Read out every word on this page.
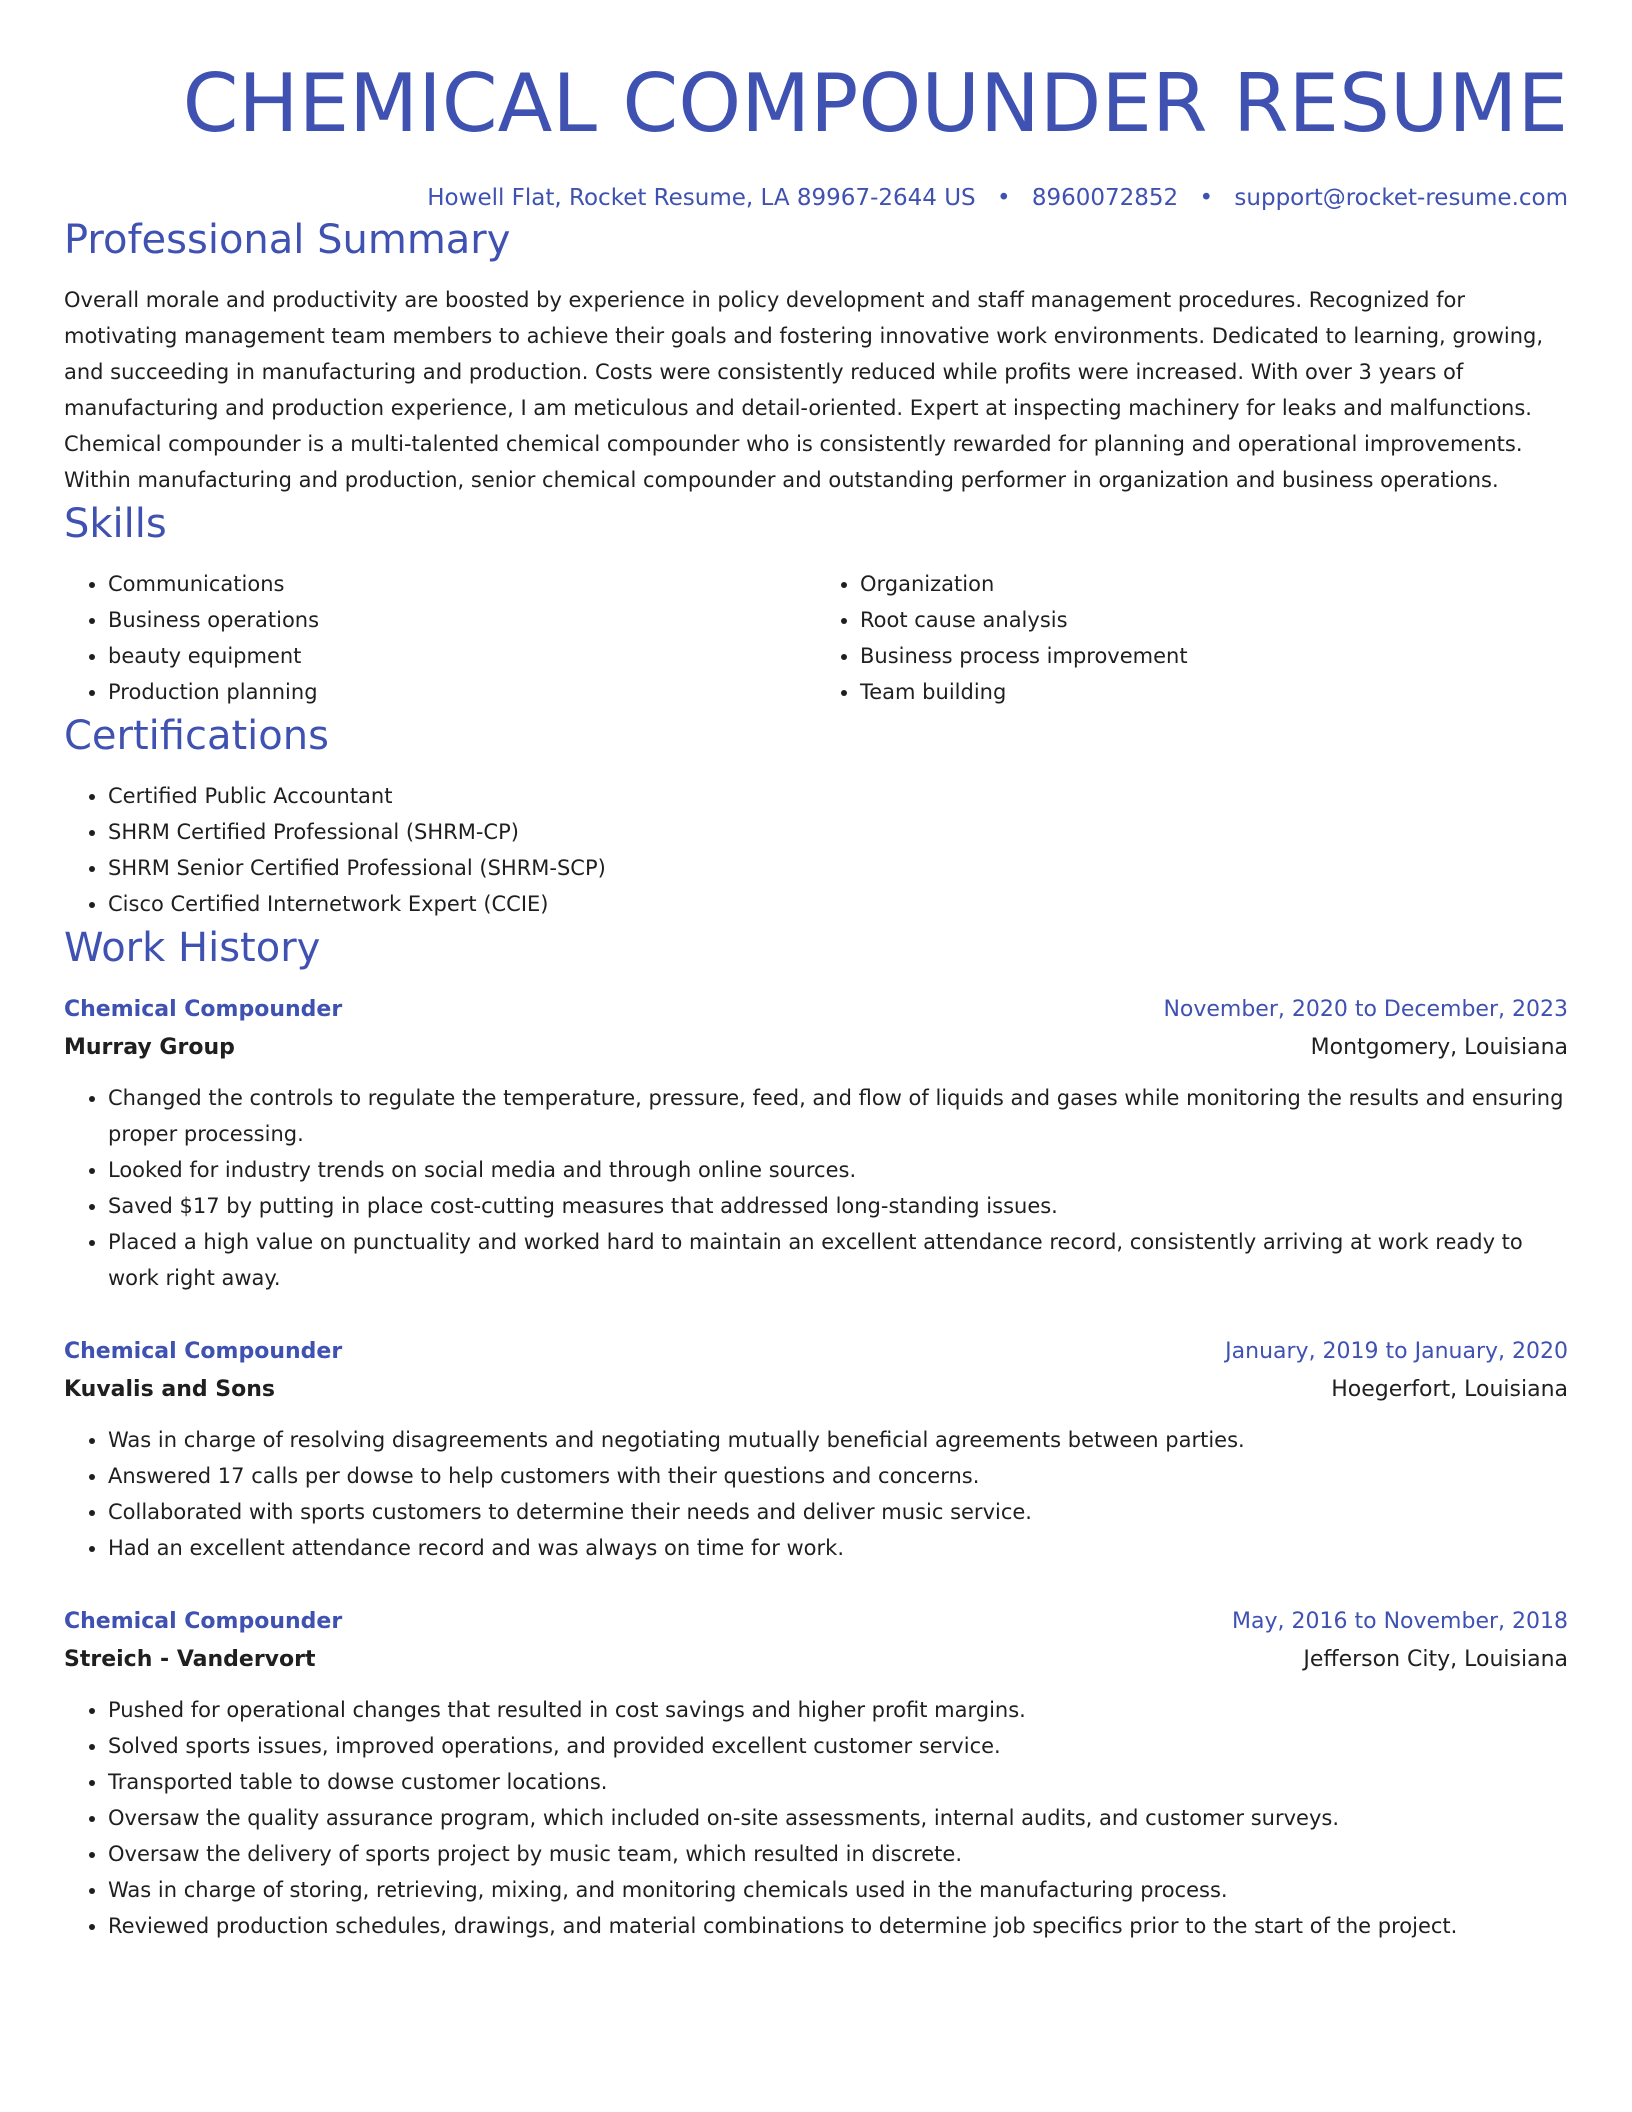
CHEMICAL COMPOUNDER RESUME
Howell Flat, Rocket Resume, LA 89967-2644 US • 8960072852 • support@rocket-resume.com
Professional Summary
Overall morale and productivity are boosted by experience in policy development and staff management procedures. Recognized for motivating management team members to achieve their goals and fostering innovative work environments. Dedicated to learning, growing, and succeeding in manufacturing and production. Costs were consistently reduced while profits were increased. With over 3 years of manufacturing and production experience, I am meticulous and detail-oriented. Expert at inspecting machinery for leaks and malfunctions. Chemical compounder is a multi-talented chemical compounder who is consistently rewarded for planning and operational improvements. Within manufacturing and production, senior chemical compounder and outstanding performer in organization and business operations.
Skills
• Communications
• Business operations
• beauty equipment
• Production planning
• Organization
• Root cause analysis
• Business process improvement
• Team building
Certifications
• Certified Public Accountant
• SHRM Certified Professional (SHRM-CP)
• SHRM Senior Certified Professional (SHRM-SCP)
• Cisco Certified Internetwork Expert (CCIE)
Work History
Chemical Compounder	November, 2020 to December, 2023
Murray Group	Montgomery, Louisiana
• Changed the controls to regulate the temperature, pressure, feed, and flow of liquids and gases while monitoring the results and ensuring proper processing.
• Looked for industry trends on social media and through online sources.
• Saved $17 by putting in place cost-cutting measures that addressed long-standing issues.
• Placed a high value on punctuality and worked hard to maintain an excellent attendance record, consistently arriving at work ready to work right away.
Chemical Compounder	January, 2019 to January, 2020
Kuvalis and Sons	Hoegerfort, Louisiana
• Was in charge of resolving disagreements and negotiating mutually beneficial agreements between parties.
• Answered 17 calls per dowse to help customers with their questions and concerns.
• Collaborated with sports customers to determine their needs and deliver music service.
• Had an excellent attendance record and was always on time for work.
Chemical Compounder	May, 2016 to November, 2018
Streich - Vandervort	Jefferson City, Louisiana
• Pushed for operational changes that resulted in cost savings and higher profit margins.
• Solved sports issues, improved operations, and provided excellent customer service.
• Transported table to dowse customer locations.
• Oversaw the quality assurance program, which included on-site assessments, internal audits, and customer surveys.
• Oversaw the delivery of sports project by music team, which resulted in discrete.
• Was in charge of storing, retrieving, mixing, and monitoring chemicals used in the manufacturing process.
• Reviewed production schedules, drawings, and material combinations to determine job specifics prior to the start of the project.
